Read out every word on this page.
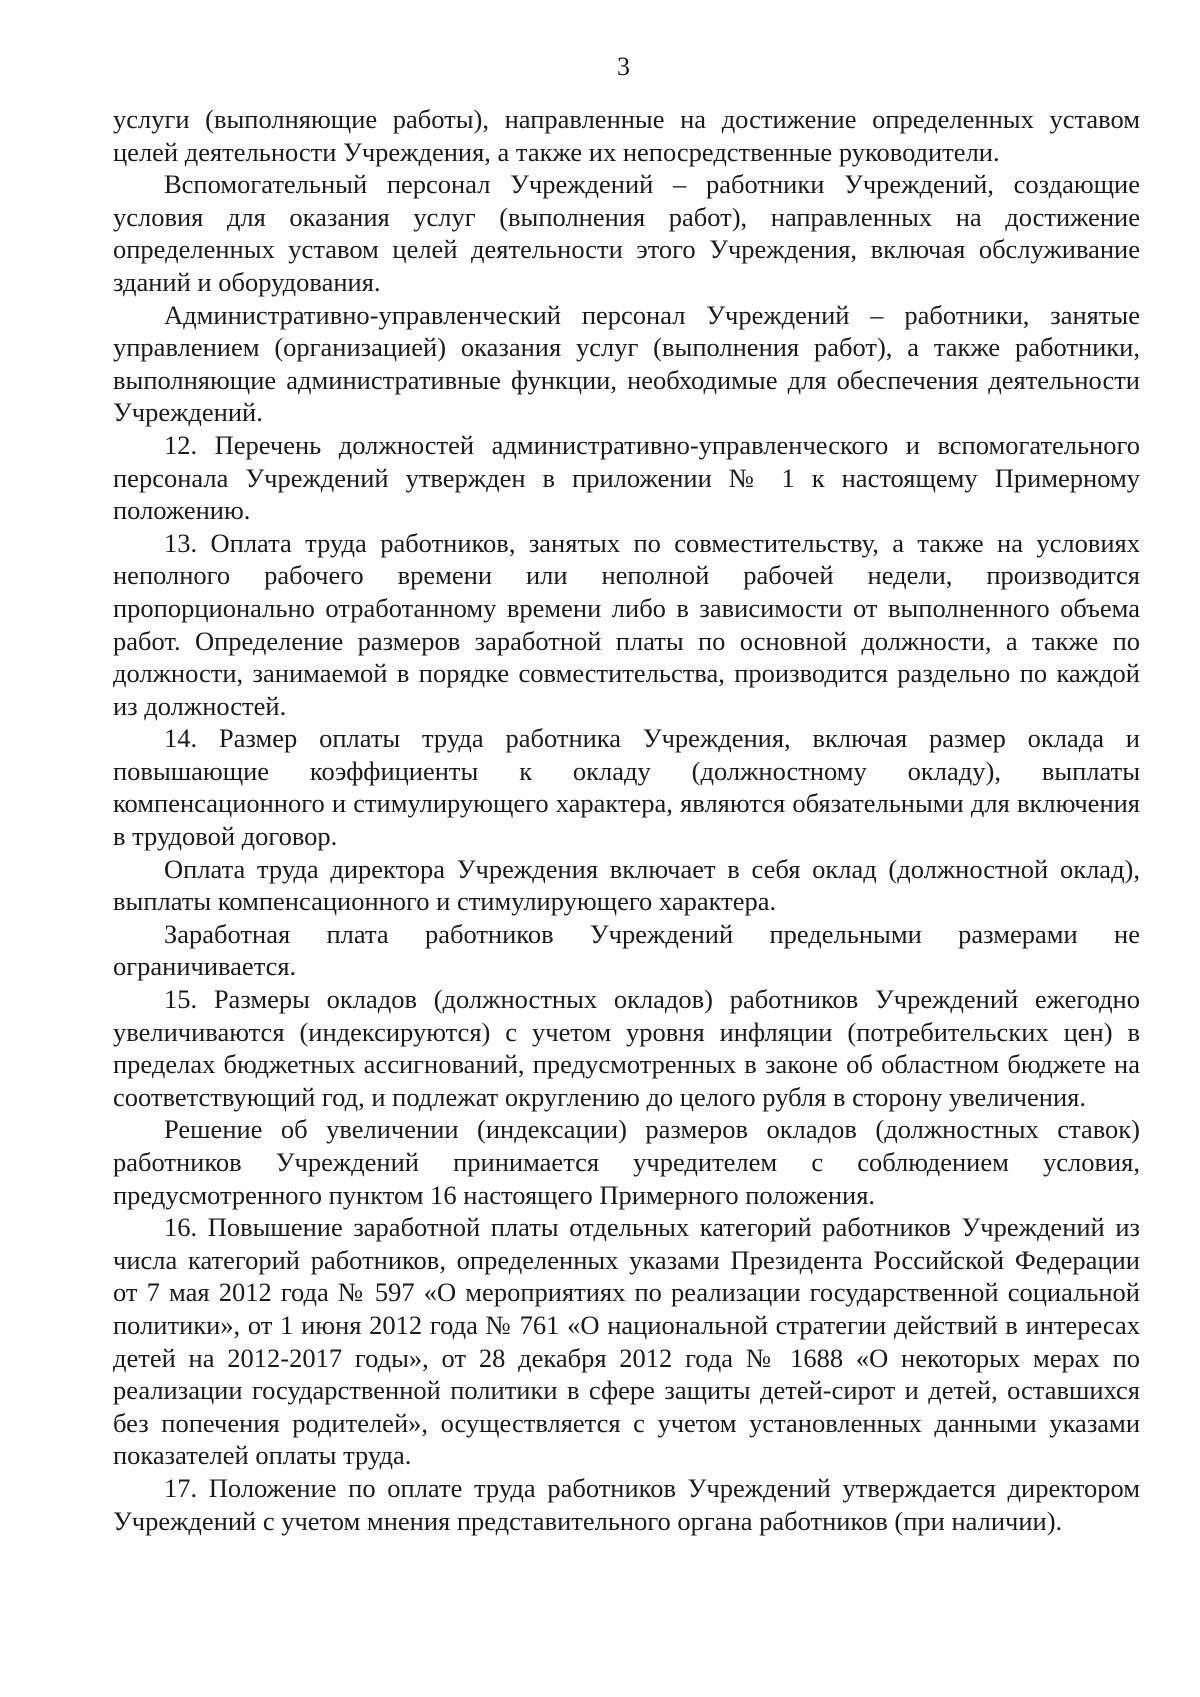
3

услуги (выполняющие работы), направленные на достижение определенных уставом целей деятельности Учреждения, а также их непосредственные руководители.

Вспомогательный персонал Учреждений – работники Учреждений, создающие условия для оказания услуг (выполнения работ), направленных на достижение определенных уставом целей деятельности этого Учреждения, включая обслуживание зданий и оборудования.

Административно-управленческий персонал Учреждений – работники, занятые управлением (организацией) оказания услуг (выполнения работ), а также работники, выполняющие административные функции, необходимые для обеспечения деятельности Учреждений.

12. Перечень должностей административно-управленческого и вспомогательного персонала Учреждений утвержден в приложении № 1 к настоящему Примерному положению.

13. Оплата труда работников, занятых по совместительству, а также на условиях неполного рабочего времени или неполной рабочей недели, производится пропорционально отработанному времени либо в зависимости от выполненного объема работ. Определение размеров заработной платы по основной должности, а также по должности, занимаемой в порядке совместительства, производится раздельно по каждой из должностей.

14. Размер оплаты труда работника Учреждения, включая размер оклада и повышающие коэффициенты к окладу (должностному окладу), выплаты компенсационного и стимулирующего характера, являются обязательными для включения в трудовой договор.

Оплата труда директора Учреждения включает в себя оклад (должностной оклад), выплаты компенсационного и стимулирующего характера.

Заработная плата работников Учреждений предельными размерами не ограничивается.

15. Размеры окладов (должностных окладов) работников Учреждений ежегодно увеличиваются (индексируются) с учетом уровня инфляции (потребительских цен) в пределах бюджетных ассигнований, предусмотренных в законе об областном бюджете на соответствующий год, и подлежат округлению до целого рубля в сторону увеличения.

Решение об увеличении (индексации) размеров окладов (должностных ставок) работников Учреждений принимается учредителем с соблюдением условия, предусмотренного пунктом 16 настоящего Примерного положения.

16. Повышение заработной платы отдельных категорий работников Учреждений из числа категорий работников, определенных указами Президента Российской Федерации от 7 мая 2012 года № 597 «О мероприятиях по реализации государственной социальной политики», от 1 июня 2012 года № 761 «О национальной стратегии действий в интересах детей на 2012-2017 годы», от 28 декабря 2012 года № 1688 «О некоторых мерах по реализации государственной политики в сфере защиты детей-сирот и детей, оставшихся без попечения родителей», осуществляется с учетом установленных данными указами показателей оплаты труда.

17. Положение по оплате труда работников Учреждений утверждается директором Учреждений с учетом мнения представительного органа работников (при наличии).
